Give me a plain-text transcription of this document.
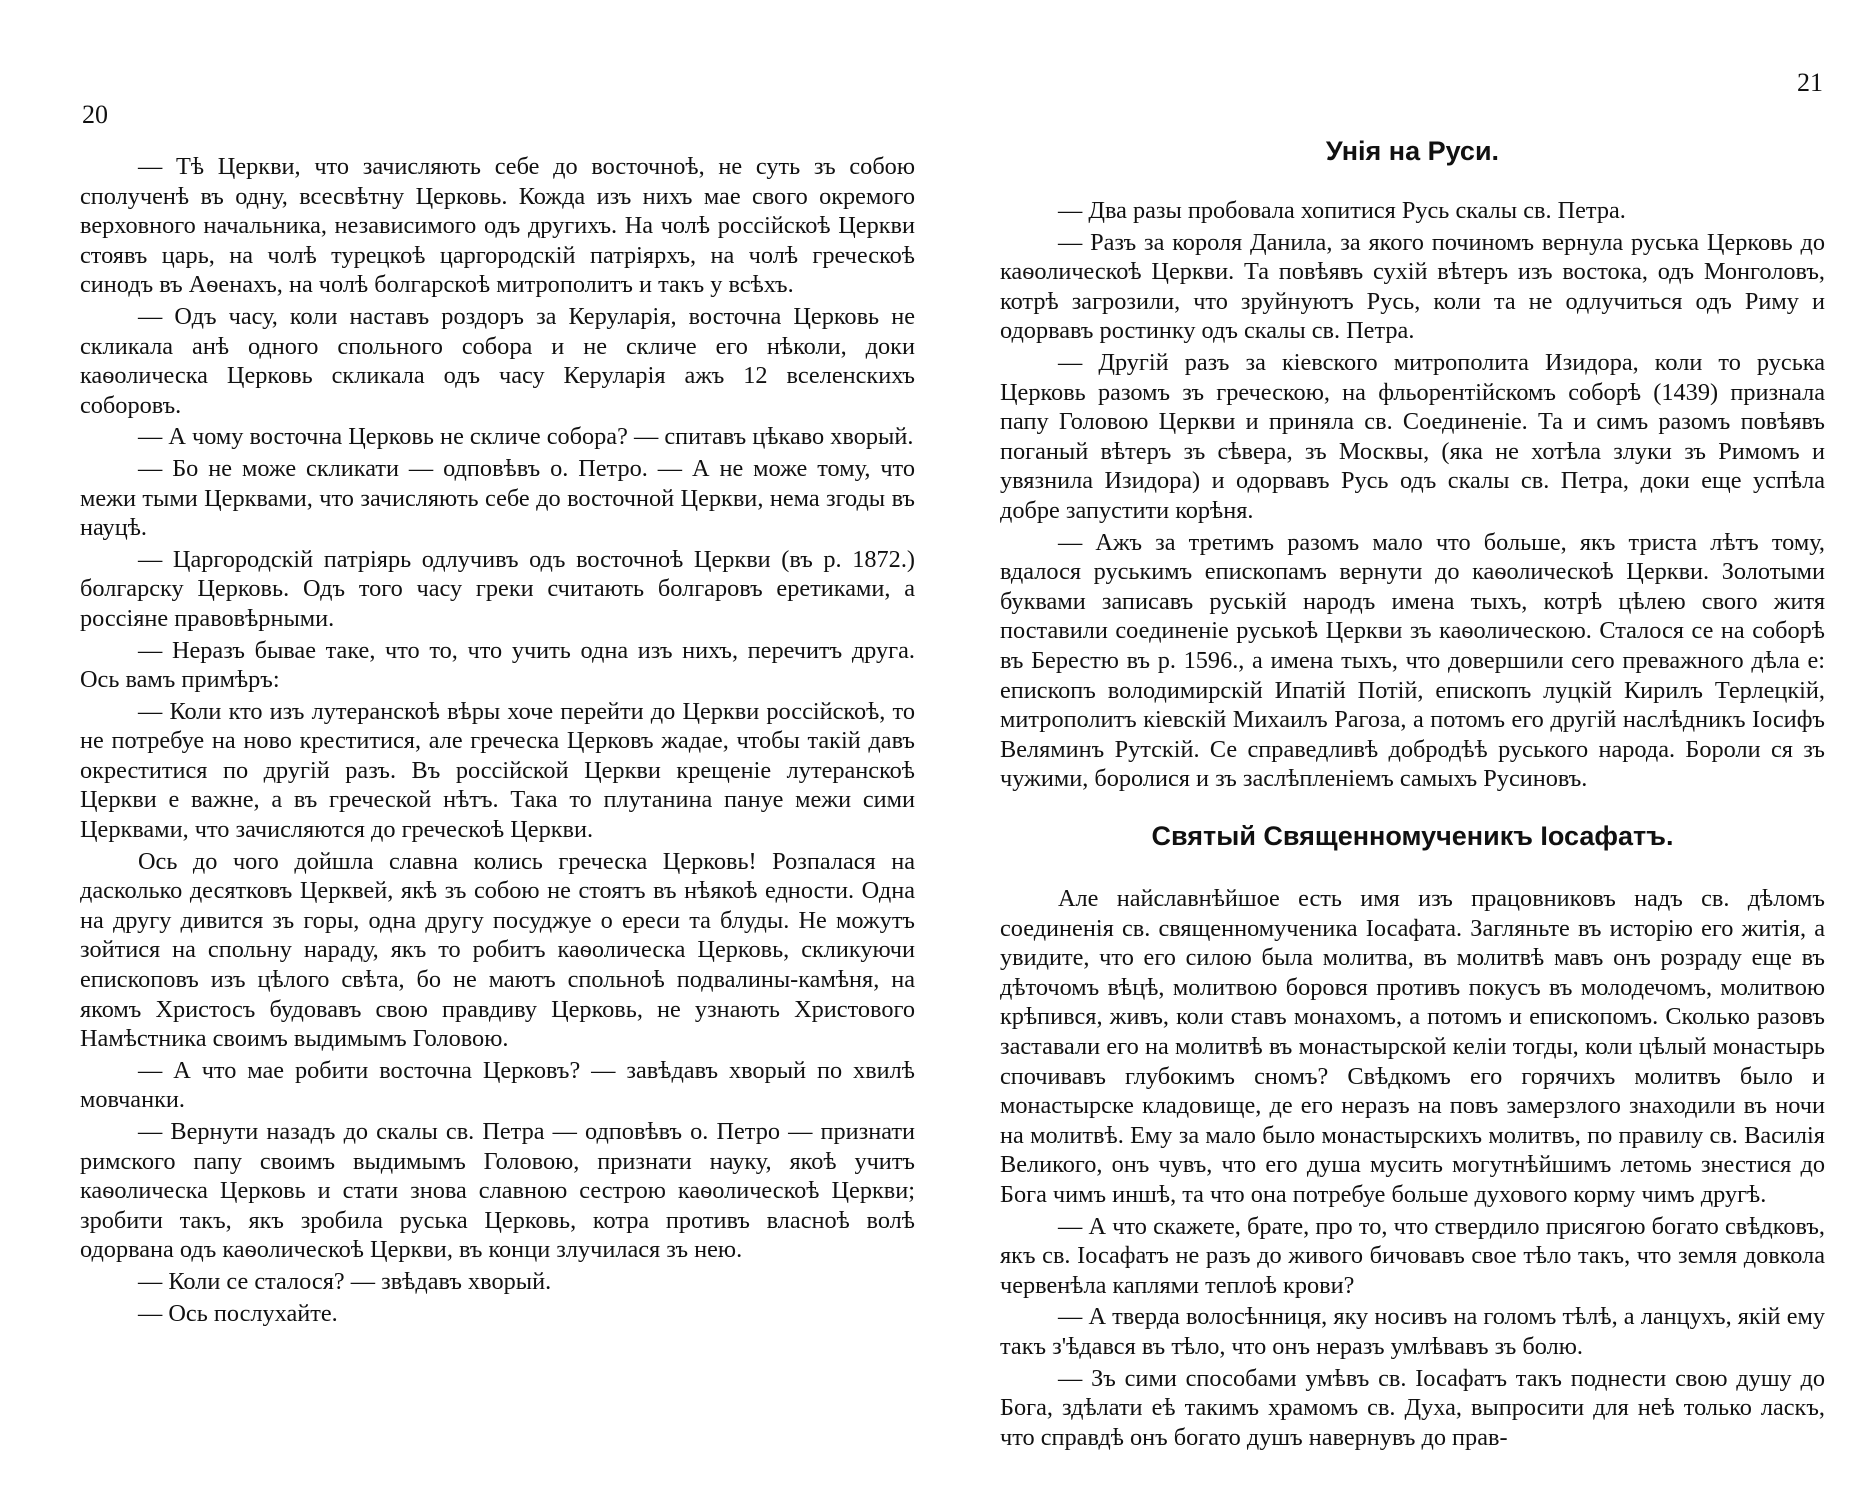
20

— Тѣ Церкви, что зачисляють себе до восточноѣ, не суть зъ собою сполученѣ въ одну, всесвѣтну Церковь. Кожда изъ нихъ мае свого окремого верховного начальника, независимого одъ другихъ. На чолѣ россійскоѣ Церкви стоявъ царь, на чолѣ турецкоѣ царгородскій патріярхъ, на чолѣ греческоѣ синодъ въ Аѳенахъ, на чолѣ болгарскоѣ митрополитъ и такъ у всѣхъ.

— Одъ часу, коли наставъ роздоръ за Керуларія, восточна Церковь не скликала анѣ одного спольного собора и не скличе его нѣколи, доки каѳолическа Церковь скликала одъ часу Керуларія ажъ 12 вселенскихъ соборовъ.

— А чому восточна Церковь не скличе собора? — спитавъ цѣкаво хворый.

— Бо не може скликати — одповѣвъ о. Петро. — А не може тому, что межи тыми Церквами, что зачисляють себе до восточной Церкви, нема згоды въ науцѣ.

— Царгородскій патріярь одлучивъ одъ восточноѣ Церкви (въ р. 1872.) болгарску Церковь. Одъ того часу греки считають болгаровъ еретиками, а россіяне правовѣрными.

— Неразъ бывае таке, что то, что учить одна изъ нихъ, перечитъ друга. Ось вамъ примѣръ:

— Коли кто изъ лутеранскоѣ вѣры хоче перейти до Церкви россійскоѣ, то не потребуе на ново креститися, але греческа Церковъ жадае, чтобы такій давъ окреститися по другій разъ. Въ россійской Церкви крещеніе лутеранскоѣ Церкви е важне, а въ греческой нѣтъ. Така то плутанина пануе межи сими Церквами, что зачисляются до греческоѣ Церкви.

Ось до чого дойшла славна колись греческа Церковь! Розпалася на дасколько десятковъ Церквей, якѣ зъ собою не стоятъ въ нѣякоѣ едности. Одна на другу дивится зъ горы, одна другу посуджуе о ереси та блуды. Не можутъ зойтися на спольну нараду, якъ то робитъ каѳолическа Церковь, скликуючи епископовъ изъ цѣлого свѣта, бо не маютъ спольноѣ подвалины-камѣня, на якомъ Христосъ будовавъ свою правдиву Церковь, не узнають Христового Намѣстника своимъ выдимымъ Головою.

— А что мае робити восточна Церковъ? — завѣдавъ хворый по хвилѣ мовчанки.

— Вернути назадъ до скалы св. Петра — одповѣвъ о. Петро — признати римского папу своимъ выдимымъ Головою, признати науку, якоѣ учитъ каѳолическа Церковь и стати знова славною сестрою каѳолическоѣ Церкви; зробити такъ, якъ зробила руська Церковь, котра противъ власноѣ волѣ одорвана одъ каѳолическоѣ Церкви, въ конци злучилася зъ нею.

— Коли се сталося? — звѣдавъ хворый.

— Ось послухайте.

21
Унія на Руси.

— Два разы пробовала хопитися Русь скалы св. Петра.

— Разъ за короля Данила, за якого починомъ вернула руська Церковь до каѳолическоѣ Церкви. Та повѣявъ сухій вѣтеръ изъ востока, одъ Монголовъ, котрѣ загрозили, что зруйнуютъ Русь, коли та не одлучиться одъ Риму и одорвавъ ростинку одъ скалы св. Петра.

— Другій разъ за кіевского митрополита Изидора, коли то руська Церковь разомъ зъ греческою, на фльорентійскомъ соборѣ (1439) признала папу Головою Церкви и приняла св. Соединеніе. Та и симъ разомъ повѣявъ поганый вѣтеръ зъ сѣвера, зъ Москвы, (яка не хотѣла злуки зъ Римомъ и увязнила Изидора) и одорвавъ Русь одъ скалы св. Петра, доки еще успѣла добре запустити корѣня.

— Ажъ за третимъ разомъ мало что больше, якъ триста лѣтъ тому, вдалося руськимъ епископамъ вернути до каѳолическоѣ Церкви. Золотыми буквами записавъ руській народъ имена тыхъ, котрѣ цѣлею свого житя поставили соединеніе руськоѣ Церкви зъ каѳолическою. Сталося се на соборѣ въ Берестю въ р. 1596., а имена тыхъ, что довершили сего преважного дѣла е: епископъ володимирскій Ипатій Потій, епископъ луцкій Кирилъ Терлецкій, митрополитъ кіевскій Михаилъ Рагоза, а потомъ его другій наслѣдникъ Іосифъ Веляминъ Рутскій. Се справедливѣ добродѣѣ руського народа. Бороли ся зъ чужими, боролися и зъ заслѣпленіемъ самыхъ Русиновъ.

Святый Священномученикъ Іосафатъ.

Але найславнѣйшое есть имя изъ працовниковъ надъ св. дѣломъ соединенія св. священномученика Іосафата. Загляньте въ исторію его житія, а увидите, что его силою была молитва, въ молитвѣ мавъ онъ розраду еще въ дѣточомъ вѣцѣ, молитвою боровся противъ покусъ въ молодечомъ, молитвою крѣпився, живъ, коли ставъ монахомъ, а потомъ и епископомъ. Сколько разовъ заставали его на молитвѣ въ монастырской келіи тогды, коли цѣлый монастырь спочивавъ глубокимъ сномъ? Свѣдкомъ его горячихъ молитвъ было и монастырске кладовище, де его неразъ на повъ замерзлого знаходили въ ночи на молитвѣ. Ему за мало было монастырскихъ молитвъ, по правилу св. Василія Великого, онъ чувъ, что его душа мусить могутнѣйшимъ летомь знестися до Бога чимъ иншѣ, та что она потребуе больше духового корму чимъ другѣ.

— А что скажете, брате, про то, что ствердило присягою богато свѣдковъ, якъ св. Іосафатъ не разъ до живого бичовавъ свое тѣло такъ, что земля довкола червенѣла каплями теплоѣ крови?

— А тверда волосѣнниця, яку носивъ на голомъ тѣлѣ, а ланцухъ, якій ему такъ з'ѣдався въ тѣло, что онъ неразъ умлѣвавъ зъ болю.

— Зъ сими способами умѣвъ св. Іосафатъ такъ поднести свою душу до Бога, здѣлати еѣ такимъ храмомъ св. Духа, выпросити для неѣ только ласкъ, что справдѣ онъ богато душъ навернувъ до прав-
